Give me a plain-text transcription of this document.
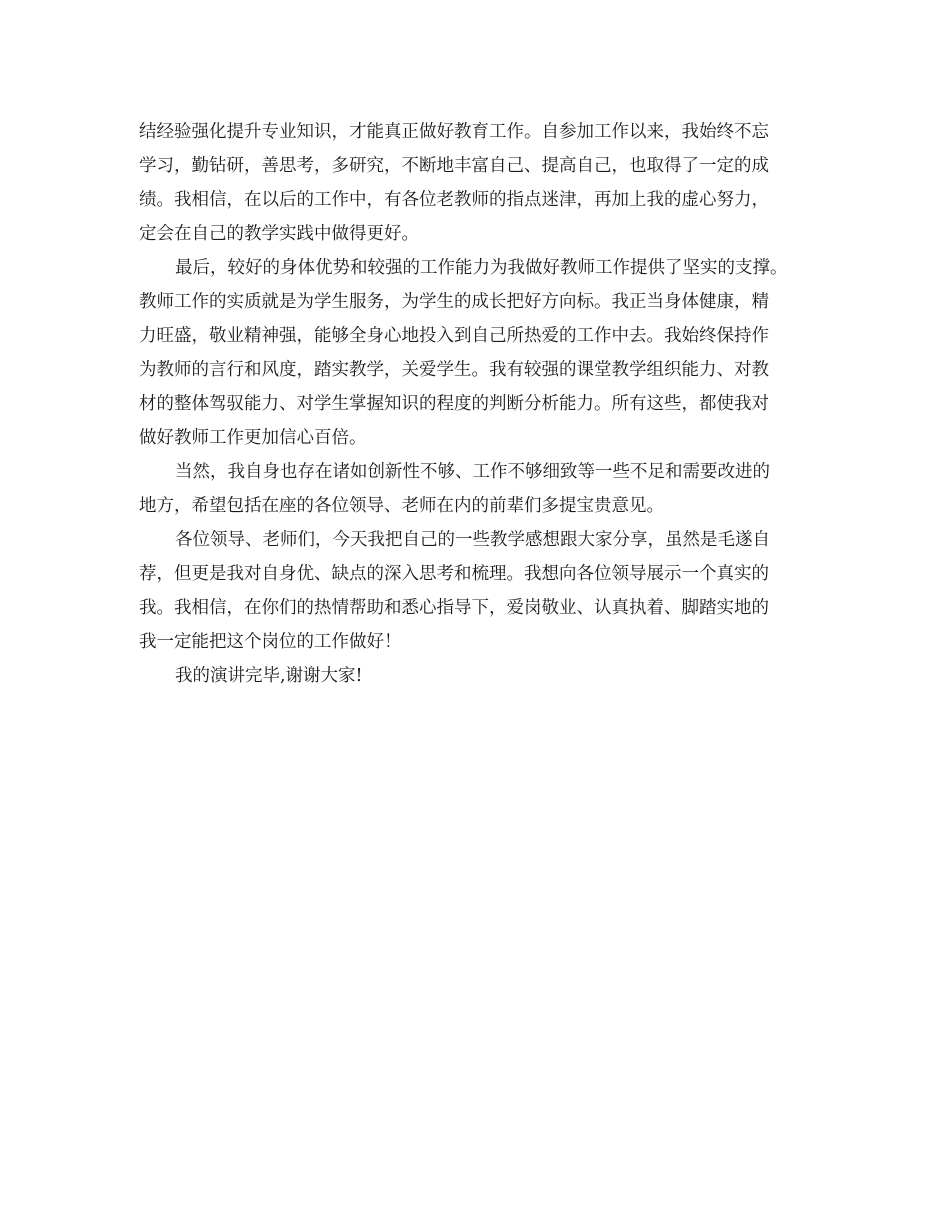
结经验强化提升专业知识，才能真正做好教育工作。自参加工作以来，我始终不忘
学习，勤钻研，善思考，多研究，不断地丰富自己、提高自己，也取得了一定的成
绩。我相信，在以后的工作中，有各位老教师的指点迷津，再加上我的虚心努力，
定会在自己的教学实践中做得更好。
最后，较好的身体优势和较强的工作能力为我做好教师工作提供了坚实的支撑。
教师工作的实质就是为学生服务，为学生的成长把好方向标。我正当身体健康，精
力旺盛，敬业精神强，能够全身心地投入到自己所热爱的工作中去。我始终保持作
为教师的言行和风度，踏实教学，关爱学生。我有较强的课堂教学组织能力、对教
材的整体驾驭能力、对学生掌握知识的程度的判断分析能力。所有这些，都使我对
做好教师工作更加信心百倍。
当然，我自身也存在诸如创新性不够、工作不够细致等一些不足和需要改进的
地方，希望包括在座的各位领导、老师在内的前辈们多提宝贵意见。
各位领导、老师们，今天我把自己的一些教学感想跟大家分享，虽然是毛遂自
荐，但更是我对自身优、缺点的深入思考和梳理。我想向各位领导展示一个真实的
我。我相信，在你们的热情帮助和悉心指导下，爱岗敬业、认真执着、脚踏实地的
我一定能把这个岗位的工作做好！
我的演讲完毕,谢谢大家!
